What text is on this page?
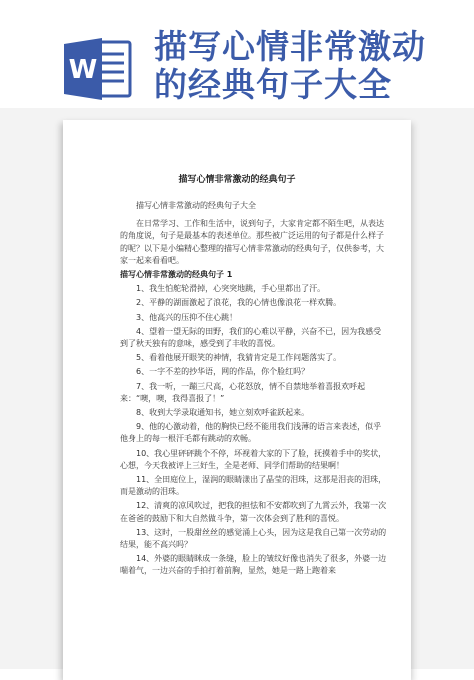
W
描写心情非常激动
的经典句子大全
描写心情非常激动的经典句子

描写心情非常激动的经典句子大全

在日常学习、工作和生活中，说到句子，大家肯定都不陌生吧，从表达的角度说，句子是最基本的表述单位。那些被广泛运用的句子都是什么样子的呢？以下是小编精心整理的描写心情非常激动的经典句子，仅供参考，大家一起来看看吧。

描写心情非常激动的经典句子 1

1、我生怕舵轮滑掉，心突突地跳，手心里都出了汗。

2、平静的湖面激起了浪花，我的心情也像浪花一样欢腾。

3、他高兴的压抑不住心跳！

4、望着一望无际的田野，我们的心难以平静，兴奋不已，因为我感受到了秋天独有的意味，感受到了丰收的喜悦。

5、看着他展开眼笑的神情，我猜肯定是工作问题落实了。

6、一字不差的抄华语，网的作品，你个脸红吗？

7、我一听，一蹦三尺高，心花怒放，情不自禁地举着喜报欢呼起来：“噢，噢，我得喜报了！”

8、收到大学录取通知书，她立刻欢呼雀跃起来。

9、他的心激动着，他的胸快已经不能用我们浅薄的语言来表述，似乎他身上的每一根汗毛都有跳动的欢畅。

10、我心里砰砰跳个不停，坏视着大家的下了脸，抚摸着手中的奖状，心想，今天我被评上三好生，全是老师、同学们帮助的结果啊！

11、全田庭位上，湿润的眼睛漾出了晶莹的泪珠，这那是泪丧的泪珠，而是激动的泪珠。

12、清爽的凉风吹过，把我的担怯和不安都吹到了九霄云外，我第一次在爸爸的鼓励下和大自然做斗争，第一次体会到了胜利的喜悦。

13、这时，一股甜丝丝的感觉涌上心头，因为这是我自己第一次劳动的结果，能不高兴吗？

14、外婆的眼睛眯成一条缝，脸上的皱纹好像也消失了很多，外婆一边喘着气，一边兴奋的手拍打着前胸，显然，她是一路上跑着来
